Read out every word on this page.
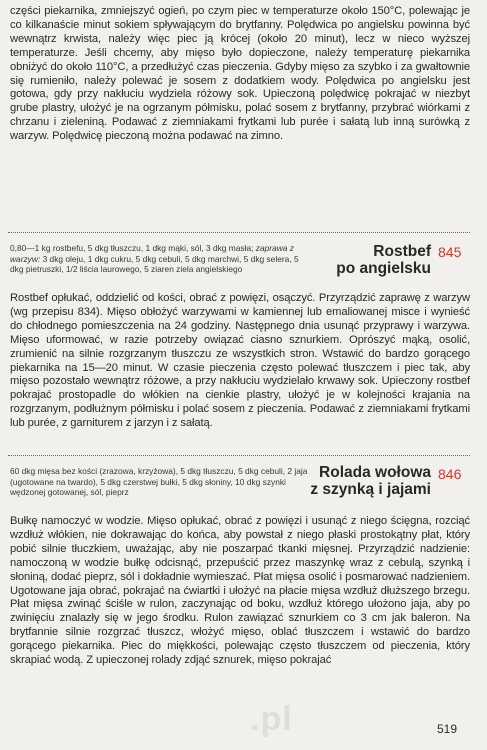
części piekarnika, zmniejszyć ogień, po czym piec w temperaturze około 150°C, polewając je co kilkanaście minut sokiem spływającym do brytfanny. Polędwica po angielsku powinna być wewnątrz krwista, należy więc piec ją krócej (około 20 minut), lecz w nieco wyższej temperaturze. Jeśli chcemy, aby mięso było dopieczone, należy temperaturę piekarnika obniżyć do około 110°C, a przedłużyć czas pieczenia. Gdyby mięso za szybko i za gwałtownie się rumieniło, należy polewać je sosem z dodatkiem wody. Polędwica po angielsku jest gotowa, gdy przy nakłuciu wydziela różowy sok. Upieczoną polędwicę pokrajać w niezbyt grube plastry, ułożyć je na ogrzanym półmisku, polać sosem z brytfanny, przybrać wiórkami z chrzanu i zieleniną. Podawać z ziemniakami frytkami lub purée i sałatą lub inną surówką z warzyw. Polędwicę pieczoną można podawać na zimno.

0,80—1 kg rostbefu, 5 dkg tłuszczu, 1 dkg mąki, sól, 3 dkg masła; zaprawa z warzyw: 3 dkg oleju, 1 dkg cukru, 5 dkg cebuli, 5 dkg marchwi, 5 dkg selera, 5 dkg pietruszki, 1/2 liścia laurowego, 5 ziaren ziela angielskiego

Rostbef
po angielsku
845

Rostbef opłukać, oddzielić od kości, obrać z powięzi, osączyć. Przyrządzić zaprawę z warzyw (wg przepisu 834). Mięso obłożyć warzywami w kamiennej lub emaliowanej misce i wynieść do chłodnego pomieszczenia na 24 godziny. Następnego dnia usunąć przyprawy i warzywa. Mięso uformować, w razie potrzeby owiązać ciasno sznurkiem. Oprószyć mąką, osolić, zrumienić na silnie rozgrzanym tłuszczu ze wszystkich stron. Wstawić do bardzo gorącego piekarnika na 15—20 minut. W czasie pieczenia często polewać tłuszczem i piec tak, aby mięso pozostało wewnątrz różowe, a przy nakłuciu wydzielało krwawy sok. Upieczony rostbef pokrajać prostopadle do włókien na cienkie plastry, ułożyć je w kolejności krajania na rozgrzanym, podłużnym półmisku i polać sosem z pieczenia. Podawać z ziemniakami frytkami lub purée, z garniturem z jarzyn i z sałatą.

60 dkg mięsa bez kości (zrazowa, krzyżowa), 5 dkg tłuszczu, 5 dkg cebuli, 2 jaja (ugotowane na twardo), 5 dkg czerstwej bułki, 5 dkg słoniny, 10 dkg szynki wędzonej gotowanej, sól, pieprz

Rolada wołowa
z szynką i jajami
846

Bułkę namoczyć w wodzie. Mięso opłukać, obrać z powięzi i usunąć z niego ścięgna, rozciąć wzdłuż włókien, nie dokrawając do końca, aby powstał z niego płaski prostokątny płat, który pobić silnie tłuczkiem, uważając, aby nie poszarpać tkanki mięsnej. Przyrządzić nadzienie: namoczoną w wodzie bułkę odcisnąć, przepuścić przez maszynkę wraz z cebulą, szynką i słoniną, dodać pieprz, sól i dokładnie wymieszać. Płat mięsa osolić i posmarować nadzieniem. Ugotowane jaja obrać, pokrajać na ćwiartki i ułożyć na płacie mięsa wzdłuż dłuższego brzegu. Płat mięsa zwinąć ściśle w rulon, zaczynając od boku, wzdłuż którego ułożono jaja, aby po zwinięciu znalazły się w jego środku. Rulon zawiązać sznurkiem co 3 cm jak baleron. Na brytfannie silnie rozgrzać tłuszcz, włożyć mięso, oblać tłuszczem i wstawić do bardzo gorącego piekarnika. Piec do miękkości, polewając często tłuszczem od pieczenia, który skrapiać wodą. Z upieczonej rolady zdjąć sznurek, mięso pokrajać

.pl	519
